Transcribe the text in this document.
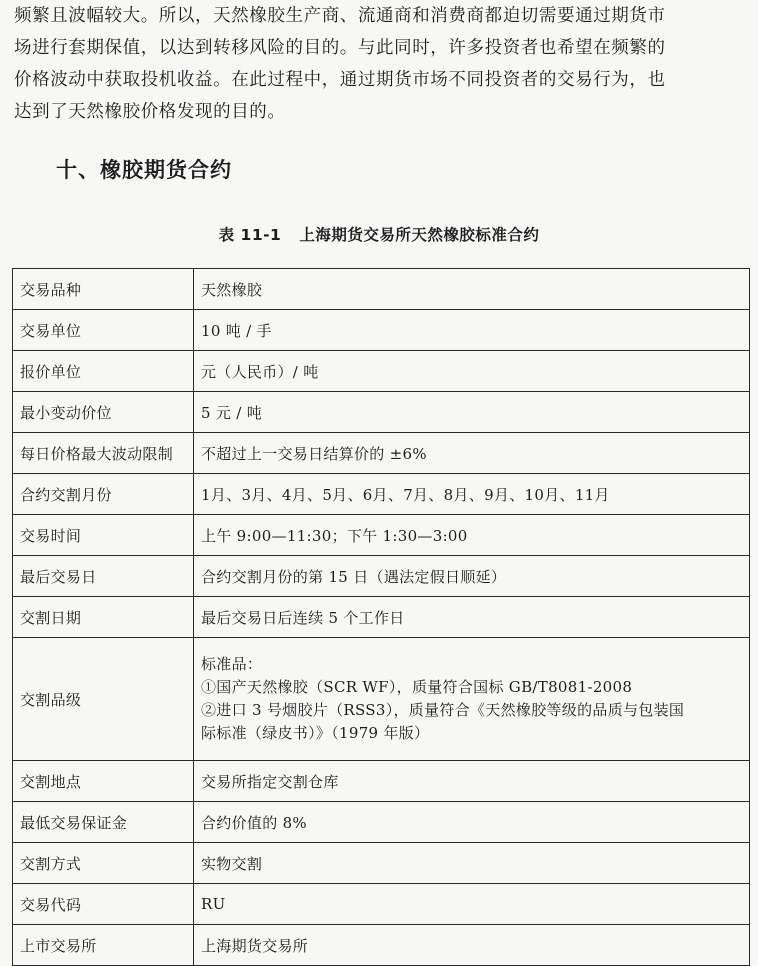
频繁且波幅较大。所以，天然橡胶生产商、流通商和消费商都迫切需要通过期货市

场进行套期保值，以达到转移风险的目的。与此同时，许多投资者也希望在频繁的

价格波动中获取投机收益。在此过程中，通过期货市场不同投资者的交易行为，也

达到了天然橡胶价格发现的目的。

十、橡胶期货合约
表 11-1 上海期货交易所天然橡胶标准合约
交易品种	天然橡胶
交易单位	10 吨 / 手
报价单位	元（人民币）/ 吨
最小变动价位	5 元 / 吨
每日价格最大波动限制	不超过上一交易日结算价的 ±6%
合约交割月份	1月、3月、4月、5月、6月、7月、8月、9月、10月、11月
交易时间	上午 9:00—11:30；下午 1:30—3:00
最后交易日	合约交割月份的第 15 日（遇法定假日顺延）
交割日期	最后交易日后连续 5 个工作日
交割品级	标准品：
①国产天然橡胶（SCR WF），质量符合国标 GB/T8081-2008
②进口 3 号烟胶片（RSS3），质量符合《天然橡胶等级的品质与包装国
际标准（绿皮书）》（1979 年版）

交割地点	交易所指定交割仓库
最低交易保证金	合约价值的 8%
交割方式	实物交割
交易代码	RU
上市交易所	上海期货交易所
